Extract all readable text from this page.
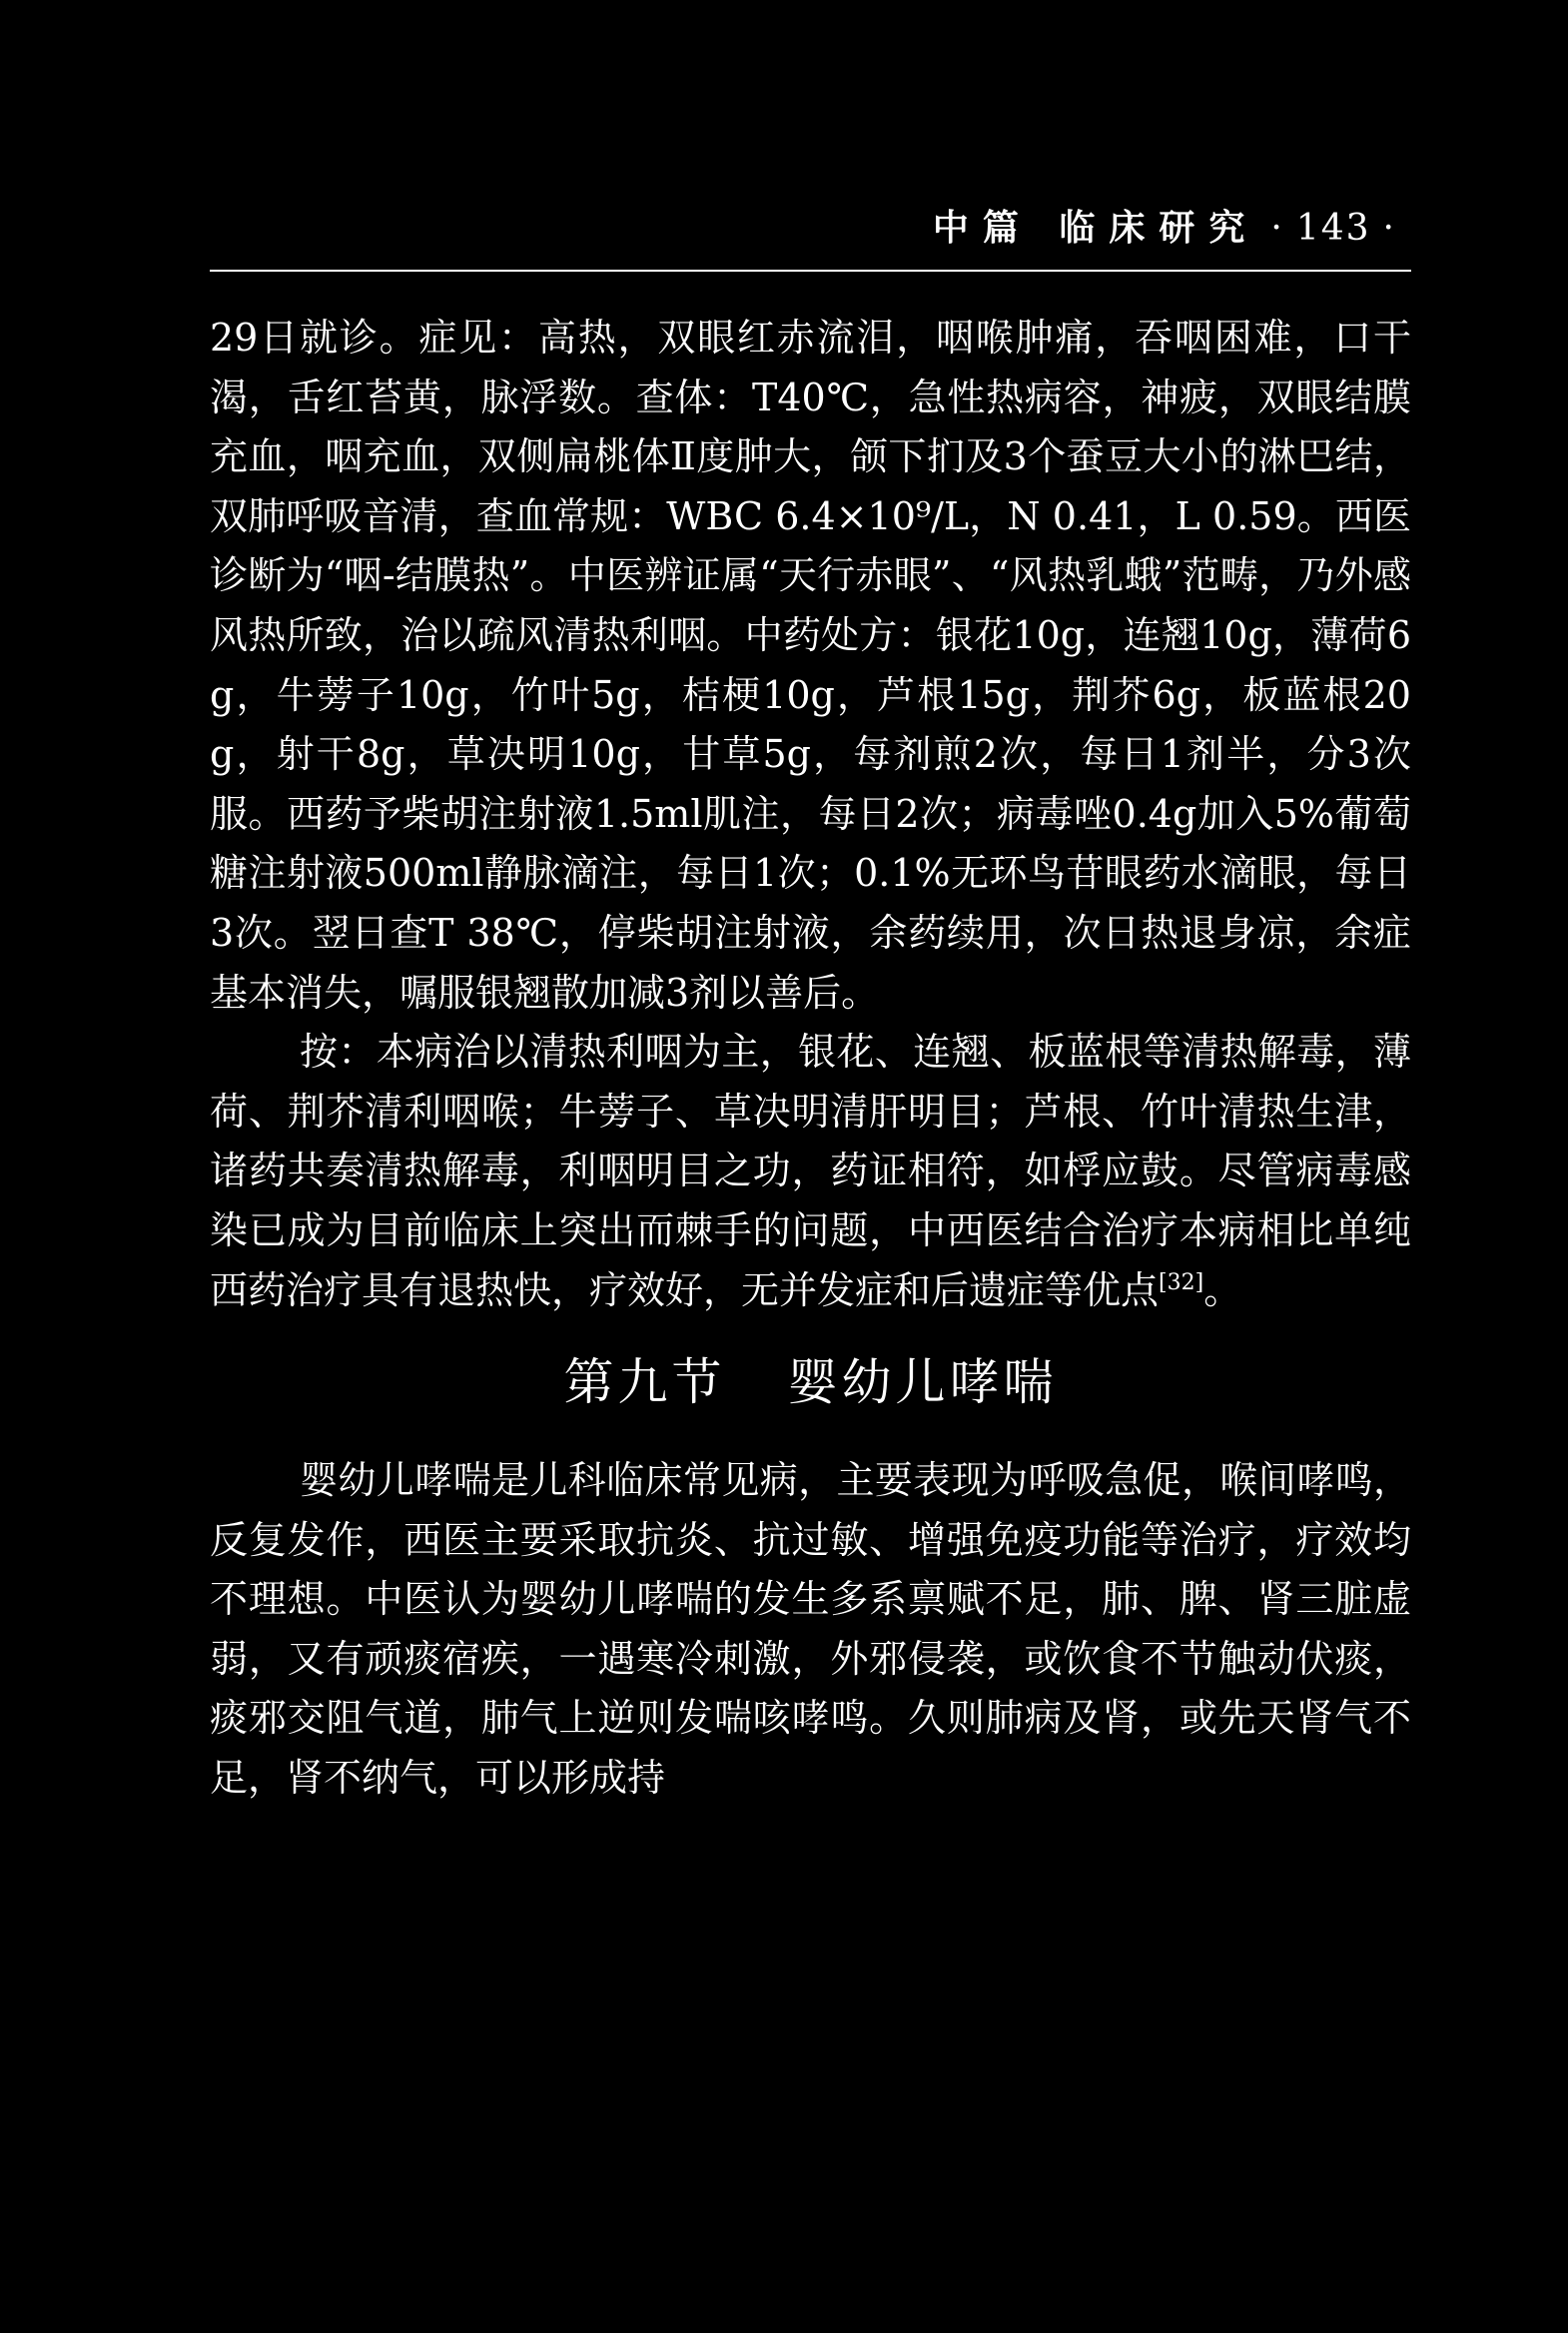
中篇 临床研究 · 143 ·

29日就诊。症见：高热，双眼红赤流泪，咽喉肿痛，吞咽困难，口干渴，舌红苔黄，脉浮数。查体：T40℃，急性热病容，神疲，双眼结膜充血，咽充血，双侧扁桃体Ⅱ度肿大，颌下扪及3个蚕豆大小的淋巴结，双肺呼吸音清，查血常规：WBC 6.4×10⁹/L，N 0.41，L 0.59。西医诊断为“咽-结膜热”。中医辨证属“天行赤眼”、“风热乳蛾”范畴，乃外感风热所致，治以疏风清热利咽。中药处方：银花10g，连翘10g，薄荷6g，牛蒡子10g，竹叶5g，桔梗10g，芦根15g，荆芥6g，板蓝根20g，射干8g，草决明10g，甘草5g，每剂煎2次，每日1剂半，分3次服。西药予柴胡注射液1.5ml肌注，每日2次；病毒唑0.4g加入5%葡萄糖注射液500ml静脉滴注，每日1次；0.1%无环鸟苷眼药水滴眼，每日3次。翌日查T 38℃，停柴胡注射液，余药续用，次日热退身凉，余症基本消失，嘱服银翘散加减3剂以善后。

按：本病治以清热利咽为主，银花、连翘、板蓝根等清热解毒，薄荷、荆芥清利咽喉；牛蒡子、草决明清肝明目；芦根、竹叶清热生津，诸药共奏清热解毒，利咽明目之功，药证相符，如桴应鼓。尽管病毒感染已成为目前临床上突出而棘手的问题，中西医结合治疗本病相比单纯西药治疗具有退热快，疗效好，无并发症和后遗症等优点[32]。

第九节 婴幼儿哮喘

婴幼儿哮喘是儿科临床常见病，主要表现为呼吸急促，喉间哮鸣，反复发作，西医主要采取抗炎、抗过敏、增强免疫功能等治疗，疗效均不理想。中医认为婴幼儿哮喘的发生多系禀赋不足，肺、脾、肾三脏虚弱，又有顽痰宿疾，一遇寒冷刺激，外邪侵袭，或饮食不节触动伏痰，痰邪交阻气道，肺气上逆则发喘咳哮鸣。久则肺病及肾，或先天肾气不足，肾不纳气，可以形成持
